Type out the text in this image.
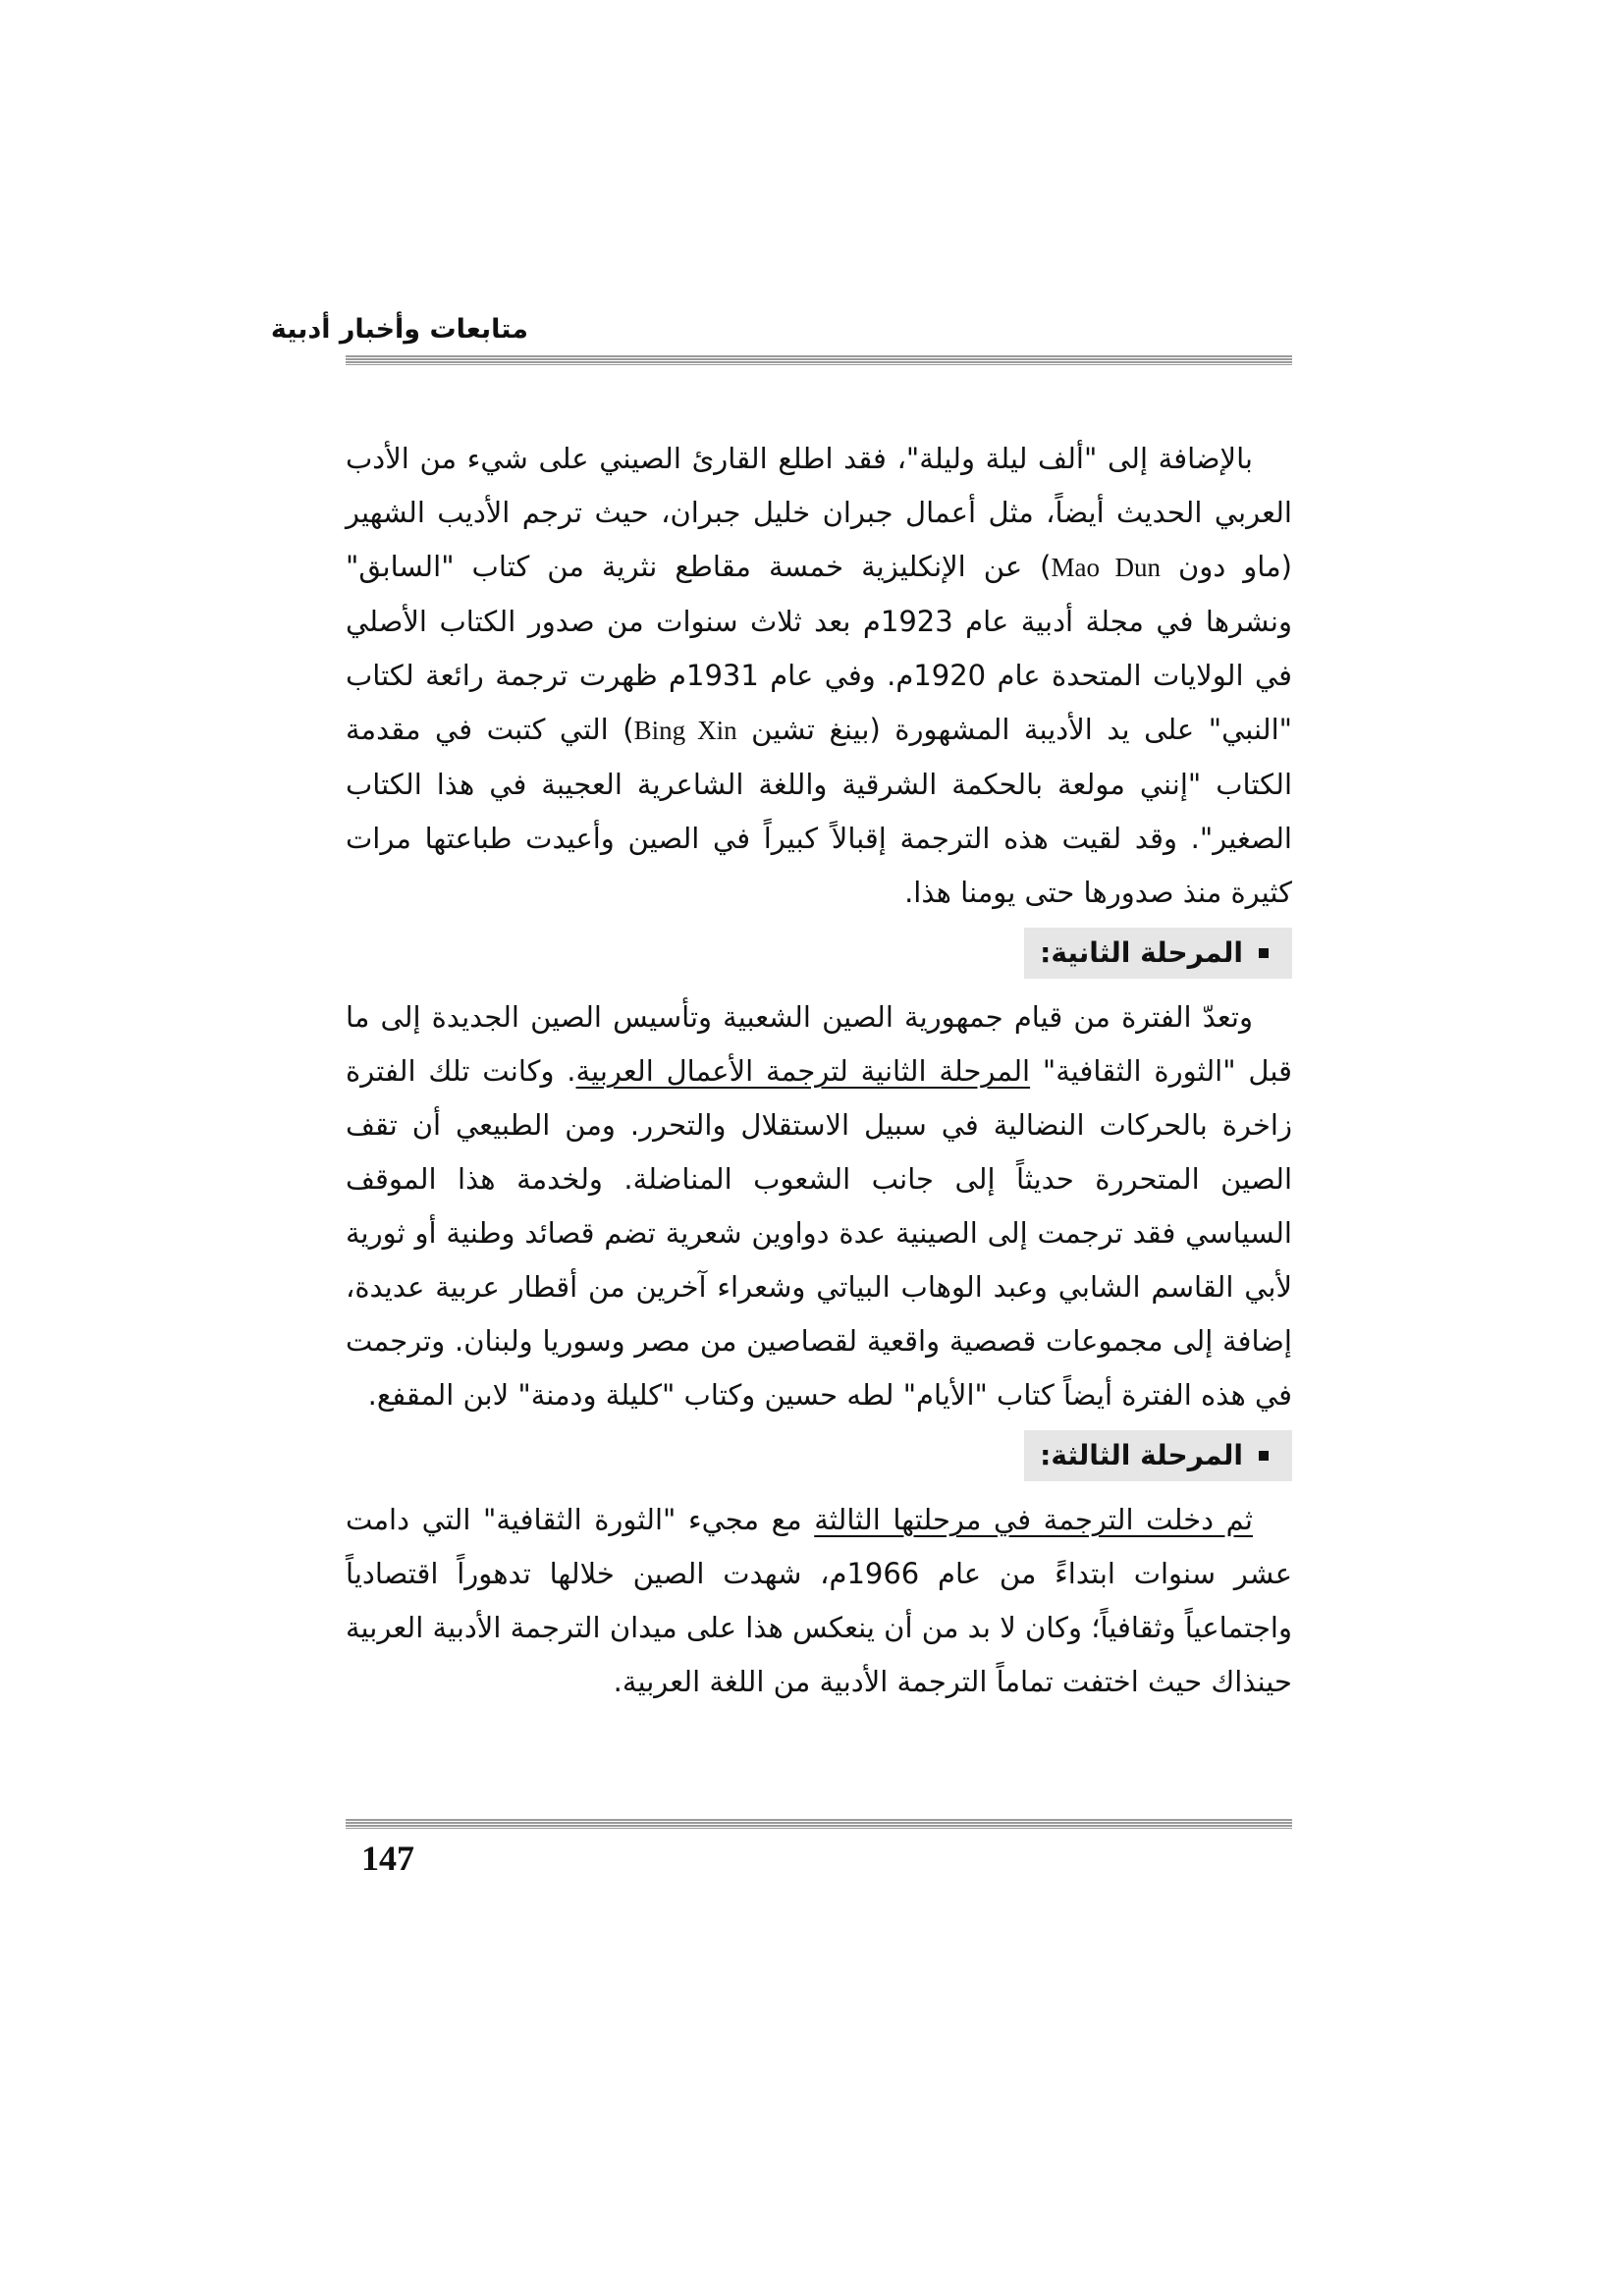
متابعات وأخبار أدبية

بالإضافة إلى "ألف ليلة وليلة"، فقد اطلع القارئ الصيني على شيء من الأدب العربي الحديث أيضاً، مثل أعمال جبران خليل جبران، حيث ترجم الأديب الشهير (ماو دون Mao Dun) عن الإنكليزية خمسة مقاطع نثرية من كتاب "السابق" ونشرها في مجلة أدبية عام 1923م بعد ثلاث سنوات من صدور الكتاب الأصلي في الولايات المتحدة عام 1920م. وفي عام 1931م ظهرت ترجمة رائعة لكتاب "النبي" على يد الأديبة المشهورة (بينغ تشين Bing Xin) التي كتبت في مقدمة الكتاب "إنني مولعة بالحكمة الشرقية واللغة الشاعرية العجيبة في هذا الكتاب الصغير". وقد لقيت هذه الترجمة إقبالاً كبيراً في الصين وأعيدت طباعتها مرات كثيرة منذ صدورها حتى يومنا هذا.

المرحلة الثانية:

وتعدّ الفترة من قيام جمهورية الصين الشعبية وتأسيس الصين الجديدة إلى ما قبل "الثورة الثقافية" المرحلة الثانية لترجمة الأعمال العربية. وكانت تلك الفترة زاخرة بالحركات النضالية في سبيل الاستقلال والتحرر. ومن الطبيعي أن تقف الصين المتحررة حديثاً إلى جانب الشعوب المناضلة. ولخدمة هذا الموقف السياسي فقد ترجمت إلى الصينية عدة دواوين شعرية تضم قصائد وطنية أو ثورية لأبي القاسم الشابي وعبد الوهاب البياتي وشعراء آخرين من أقطار عربية عديدة، إضافة إلى مجموعات قصصية واقعية لقصاصين من مصر وسوريا ولبنان. وترجمت في هذه الفترة أيضاً كتاب "الأيام" لطه حسين وكتاب "كليلة ودمنة" لابن المقفع.

المرحلة الثالثة:

ثم دخلت الترجمة في مرحلتها الثالثة مع مجيء "الثورة الثقافية" التي دامت عشر سنوات ابتداءً من عام 1966م، شهدت الصين خلالها تدهوراً اقتصادياً واجتماعياً وثقافياً؛ وكان لا بد من أن ينعكس هذا على ميدان الترجمة الأدبية العربية حينذاك حيث اختفت تماماً الترجمة الأدبية من اللغة العربية.

147
